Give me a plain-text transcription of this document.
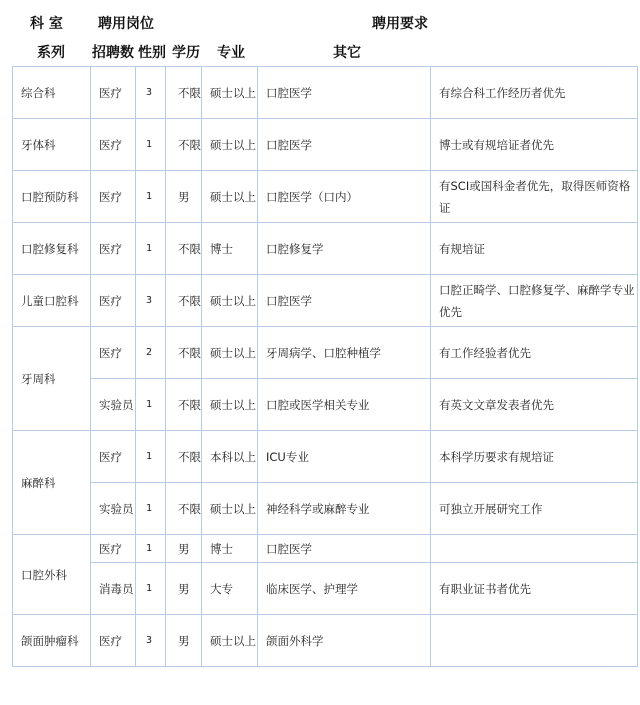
科 室	聘用岗位	聘用要求
系列 招聘数 性别 学历 专业	其它
综合科	医疗	3	不限	硕士以上	口腔医学	有综合科工作经历者优先
牙体科	医疗	1	不限	硕士以上	口腔医学	博士或有规培证者优先
口腔预防科	医疗	1	男	硕士以上	口腔医学（口内）	有SCI或国科金者优先，取得医师资格证
口腔修复科	医疗	1	不限	博士	口腔修复学	有规培证
儿童口腔科	医疗	3	不限	硕士以上	口腔医学	口腔正畸学、口腔修复学、麻醉学专业优先
牙周科	医疗	2	不限	硕士以上	牙周病学、口腔种植学	有工作经验者优先
	实验员	1	不限	硕士以上	口腔或医学相关专业	有英文文章发表者优先
麻醉科	医疗	1	不限	本科以上	ICU专业	本科学历要求有规培证
	实验员	1	不限	硕士以上	神经科学或麻醉专业	可独立开展研究工作
口腔外科	医疗	1	男	博士	口腔医学	
	消毒员	1	男	大专	临床医学、护理学	有职业证书者优先
颌面肿瘤科	医疗	3	男	硕士以上	颌面外科学	
